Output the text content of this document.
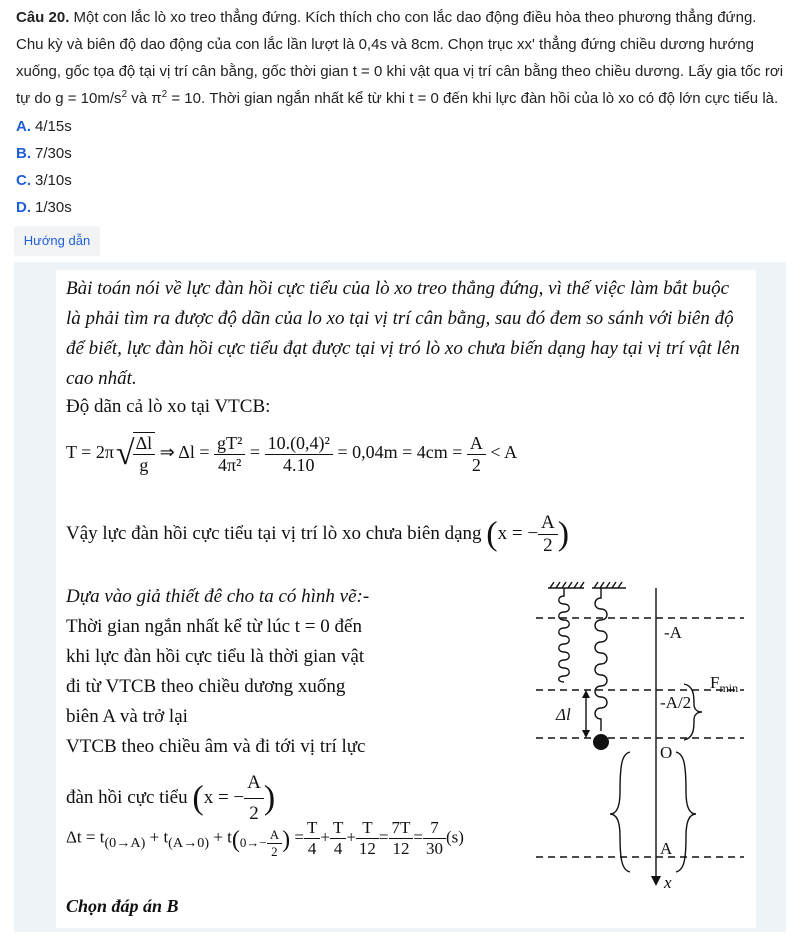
Câu 20. Một con lắc lò xo treo thẳng đứng. Kích thích cho con lắc dao động điều hòa theo phương thẳng đứng. Chu kỳ và biên độ dao động của con lắc lần lượt là 0,4s và 8cm. Chọn trục xx' thẳng đứng chiều dương hướng xuống, gốc tọa độ tại vị trí cân bằng, gốc thời gian t = 0 khi vật qua vị trí cân bằng theo chiều dương. Lấy gia tốc rơi tự do $g = 10m/s^2$ và $\pi^2 = 10$. Thời gian ngắn nhất kể từ khi t = 0 đến khi lực đàn hồi của lò xo có độ lớn cực tiểu là.
A. 4/15s
B. 7/30s
C. 3/10s
D. 1/30s
Hướng dẫn
Bài toán nói về lực đàn hồi cực tiểu của lò xo treo thẳng đứng, vì thế việc làm bắt buộc là phải tìm ra được độ dãn của lo xo tại vị trí cân bằng, sau đó đem so sánh với biên độ để biết, lực đàn hồi cực tiểu đạt được tại vị tró lò xo chưa biến dạng hay tại vị trí vật lên cao nhất.
Độ dãn cả lò xo tại VTCB:
T = 2π√
$\frac{\Delta l}{g}$ ⇒ $\Delta l = \frac{\text{gT²}}{\text{4π²}} = \frac{\text{10.(0,4)²}}{4.10} = 0,04m = 4cm = \frac{A}{2} < A$
Vậy lực đàn hồi cực tiểu tại vị trí lò xo chưa biên dạng (x = − $\frac{A}{2}$ )
Dựa vào giả thiết đê cho ta có hình vẽ:-
Thời gian ngắn nhất kể từ lúc t = 0 đến
khi lực đàn hồi cực tiểu là thời gian vật
đi từ VTCB theo chiều dương xuống
biên A và trở lại
VTCB theo chiều âm và đi tới vị trí lực
đàn hồi cực tiểu (x = − $\frac{A}{2}$ )
$\Delta t = t_{(0\to A)} + t_{(A\to 0)} + t_{(0\to- \frac{A}{2} )} = \frac{T}{4} + \frac{T}{4} + \frac{T}{12} = \frac{7T}{12} = \frac{7}{30} (s)$
Chọn đáp án B
-A
$F_{min}$
-A/2
Δl
O
A
x
